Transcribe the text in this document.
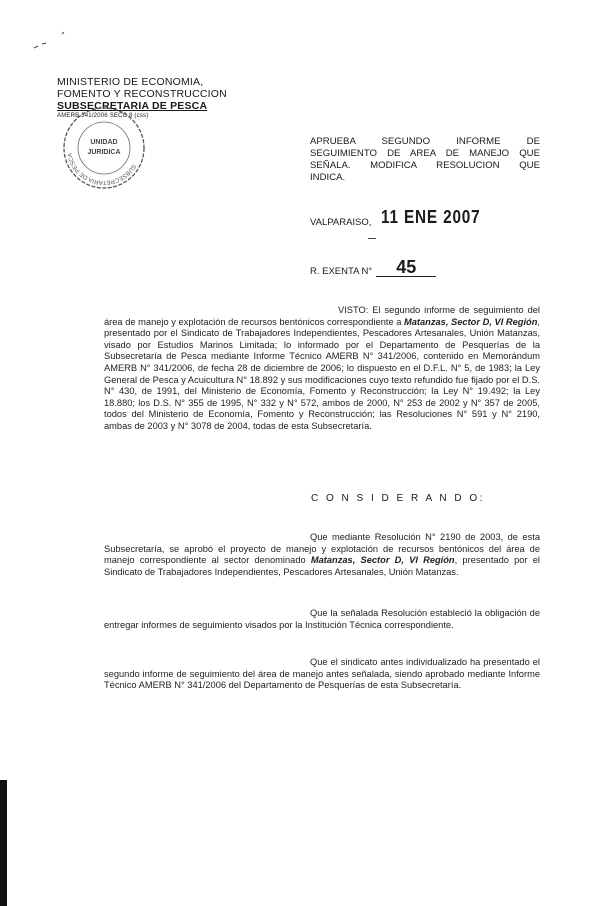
MINISTERIO DE ECONOMIA,
FOMENTO Y RECONSTRUCCION
SUBSECRETARIA DE PESCA
AMERB 341/2006 SECC 8 (css)
SUBSECRETARIA DE PESCA
UNIDAD
JURIDICA
APRUEBA SEGUNDO INFORME DE
SEGUIMIENTO DE AREA DE MANEJO QUE
SEÑALA. MODIFICA RESOLUCION QUE
INDICA.
VALPARAISO, 11 ENE 2007
R. EXENTA N°	45
VISTO: El segundo informe de seguimiento del área de manejo y explotación de recursos bentónicos correspondiente a Matanzas, Sector D, VI Región, presentado por el Sindicato de Trabajadores Independientes, Pescadores Artesanales, Unión Matanzas, visado por Estudios Marinos Limitada; lo informado por el Departamento de Pesquerías de la Subsecretaría de Pesca mediante Informe Técnico AMERB N° 341/2006, contenido en Memorándum AMERB N° 341/2006, de fecha 28 de diciembre de 2006; lo dispuesto en el D.F.L. N° 5, de 1983; la Ley General de Pesca y Acuicultura N° 18.892 y sus modificaciones cuyo texto refundido fue fijado por el D.S. N° 430, de 1991, del Ministerio de Economía, Fomento y Reconstrucción; la Ley N° 19.492; la Ley 18.880; los D.S. N° 355 de 1995, N° 332 y N° 572, ambos de 2000, N° 253 de 2002 y N° 357 de 2005, todos del Ministerio de Economía, Fomento y Reconstrucción; las Resoluciones N° 591 y N° 2190, ambas de 2003 y N° 3078 de 2004, todas de esta Subsecretaría.
C O N S I D E R A N D O:
Que mediante Resolución N° 2190 de 2003, de esta Subsecretaría, se aprobó el proyecto de manejo y explotación de recursos bentónicos del área de manejo correspondiente al sector denominado Matanzas, Sector D, VI Región, presentado por el Sindicato de Trabajadores Independientes, Pescadores Artesanales, Unión Matanzas.
Que la señalada Resolución estableció la obligación de entregar informes de seguimiento visados por la Institución Técnica correspondiente.
Que el sindicato antes individualizado ha presentado el segundo informe de seguimiento del área de manejo antes señalada, siendo aprobado mediante Informe Técnico AMERB N° 341/2006 del Departamento de Pesquerías de esta Subsecretaría.
